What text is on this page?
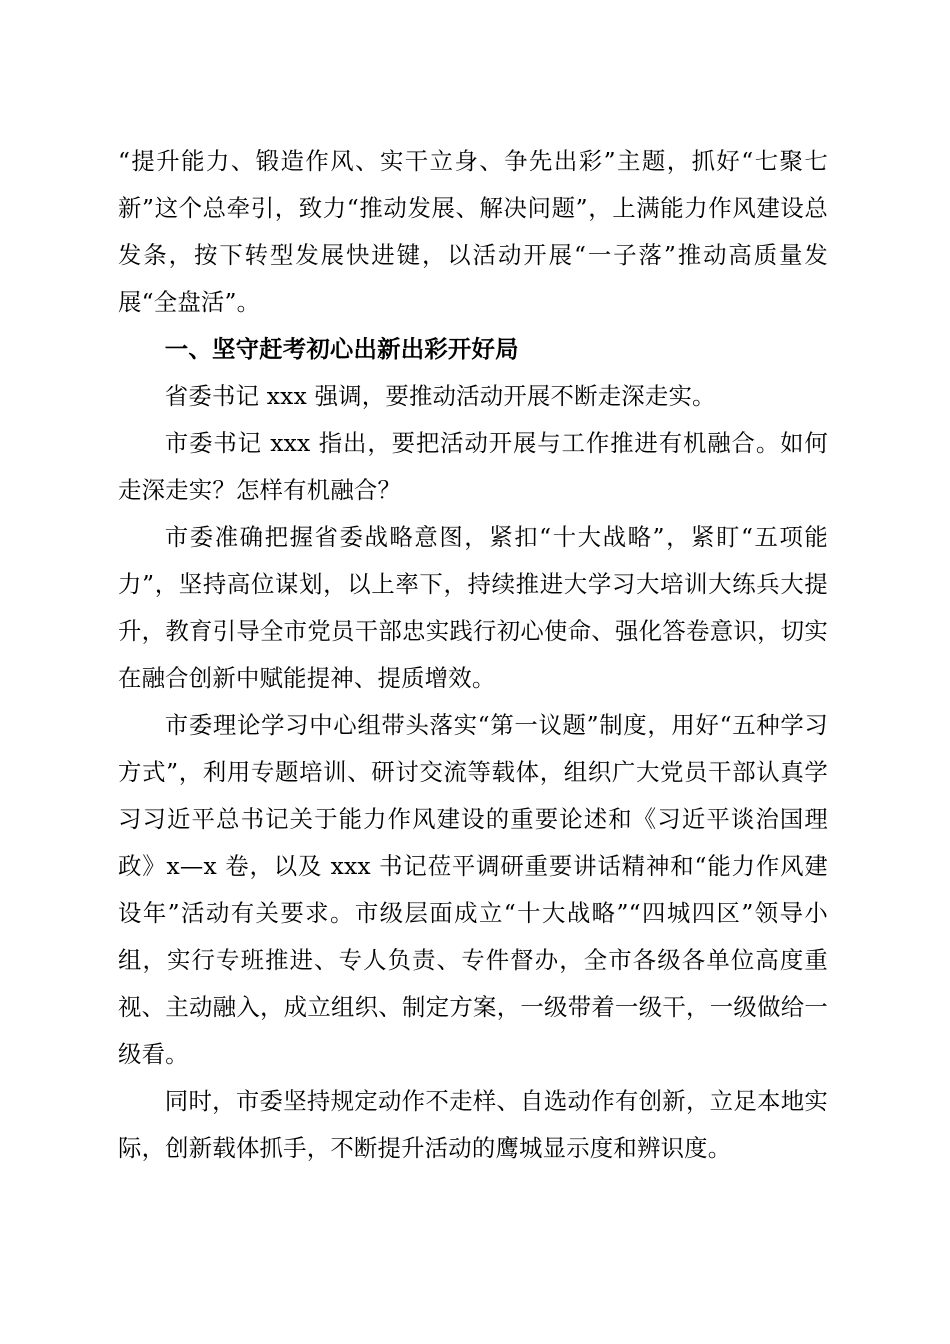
“提升能力、锻造作风、实干立身、争先出彩”主题，抓好“七聚七新”这个总牵引，致力“推动发展、解决问题”，上满能力作风建设总发条，按下转型发展快进键，以活动开展“一子落”推动高质量发展“全盘活”。

一、坚守赶考初心出新出彩开好局

省委书记 xxx 强调，要推动活动开展不断走深走实。

市委书记 xxx 指出，要把活动开展与工作推进有机融合。如何走深走实？怎样有机融合？

市委准确把握省委战略意图，紧扣“十大战略”，紧盯“五项能力”，坚持高位谋划，以上率下，持续推进大学习大培训大练兵大提升，教育引导全市党员干部忠实践行初心使命、强化答卷意识，切实在融合创新中赋能提神、提质增效。

市委理论学习中心组带头落实“第一议题”制度，用好“五种学习方式”，利用专题培训、研讨交流等载体，组织广大党员干部认真学习习近平总书记关于能力作风建设的重要论述和《习近平谈治国理政》x—x 卷，以及 xxx 书记莅平调研重要讲话精神和“能力作风建设年”活动有关要求。市级层面成立“十大战略”“四城四区”领导小组，实行专班推进、专人负责、专件督办，全市各级各单位高度重视、主动融入，成立组织、制定方案，一级带着一级干，一级做给一级看。

同时，市委坚持规定动作不走样、自选动作有创新，立足本地实际，创新载体抓手，不断提升活动的鹰城显示度和辨识度。
